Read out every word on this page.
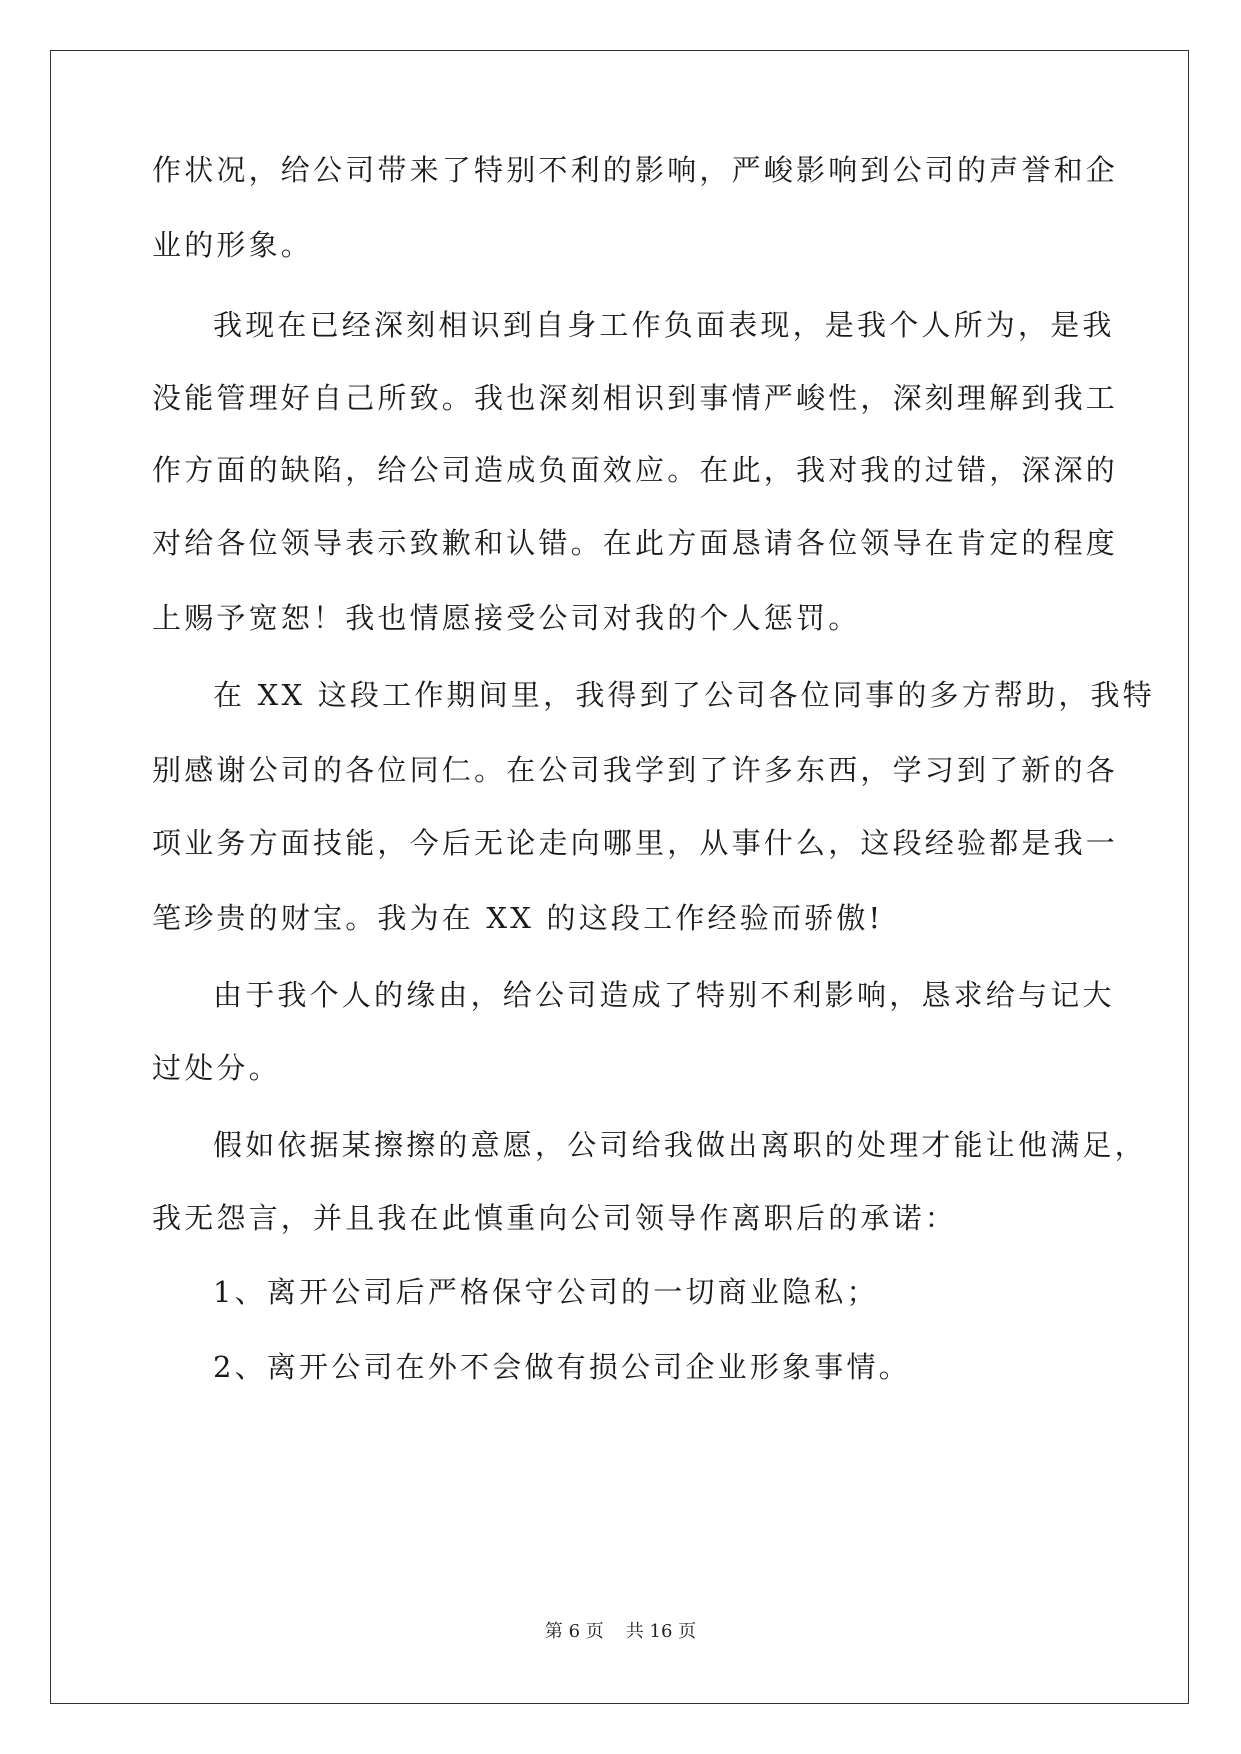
作状况，给公司带来了特别不利的影响，严峻影响到公司的声誉和企
业的形象。
我现在已经深刻相识到自身工作负面表现，是我个人所为，是我
没能管理好自己所致。我也深刻相识到事情严峻性，深刻理解到我工
作方面的缺陷，给公司造成负面效应。在此，我对我的过错，深深的
对给各位领导表示致歉和认错。在此方面恳请各位领导在肯定的程度
上赐予宽恕！我也情愿接受公司对我的个人惩罚。
在 XX 这段工作期间里，我得到了公司各位同事的多方帮助，我特
别感谢公司的各位同仁。在公司我学到了许多东西，学习到了新的各
项业务方面技能，今后无论走向哪里，从事什么，这段经验都是我一
笔珍贵的财宝。我为在 XX 的这段工作经验而骄傲!
由于我个人的缘由，给公司造成了特别不利影响，恳求给与记大
过处分。
假如依据某擦擦的意愿，公司给我做出离职的处理才能让他满足，
我无怨言，并且我在此慎重向公司领导作离职后的承诺：
1、离开公司后严格保守公司的一切商业隐私；
2、离开公司在外不会做有损公司企业形象事情。
第 6 页 共 16 页
